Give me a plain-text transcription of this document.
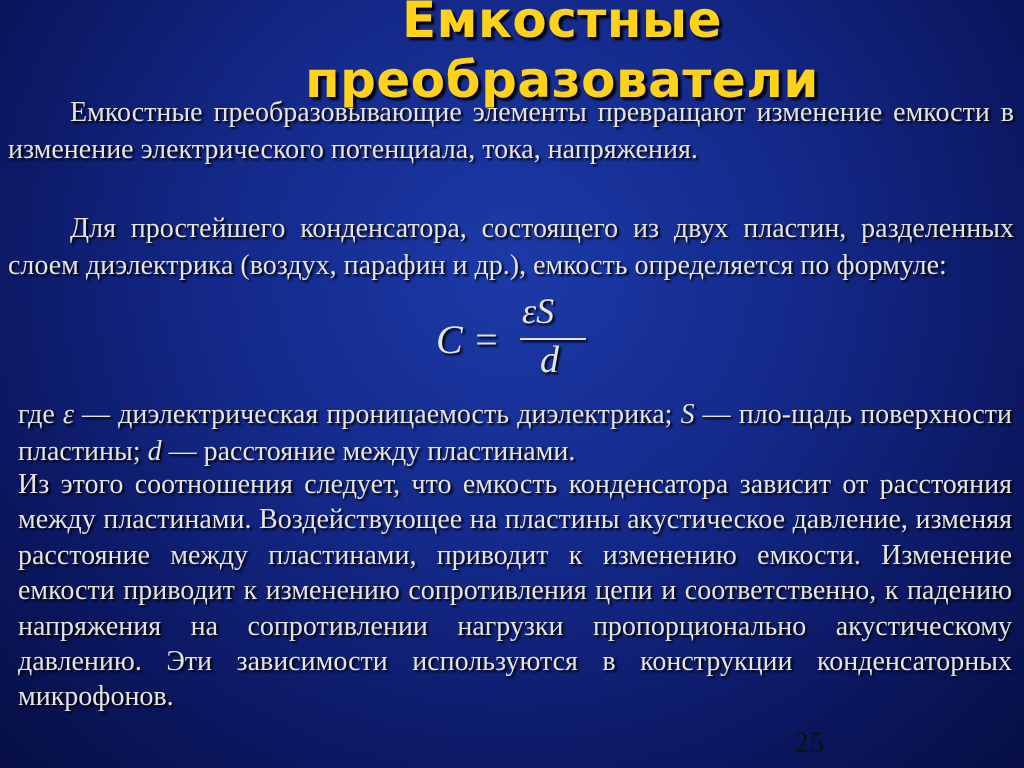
Емкостные
преобразователи
Емкостные преобразовывающие элементы превращают изменение емкости в изменение электрического потенциала, тока, напряжения.
Для простейшего конденсатора, состоящего из двух пластин, разделенных слоем диэлектрика (воздух, парафин и др.), емкость определяется по формуле:
C =
εS
d
где ε — диэлектрическая проницаемость диэлектрика; S — пло-щадь поверхности пластины; d — расстояние между пластинами.
Из этого соотношения следует, что емкость конденсатора зависит от расстояния между пластинами. Воздействующее на пластины акустическое давление, изменяя расстояние между пластинами, приводит к изменению емкости. Изменение емкости приводит к изменению сопротивления цепи и соответственно, к падению напряжения на сопротивлении нагрузки пропорционально акустическому давлению. Эти зависимости используются в конструкции конденсаторных микрофонов.
25
